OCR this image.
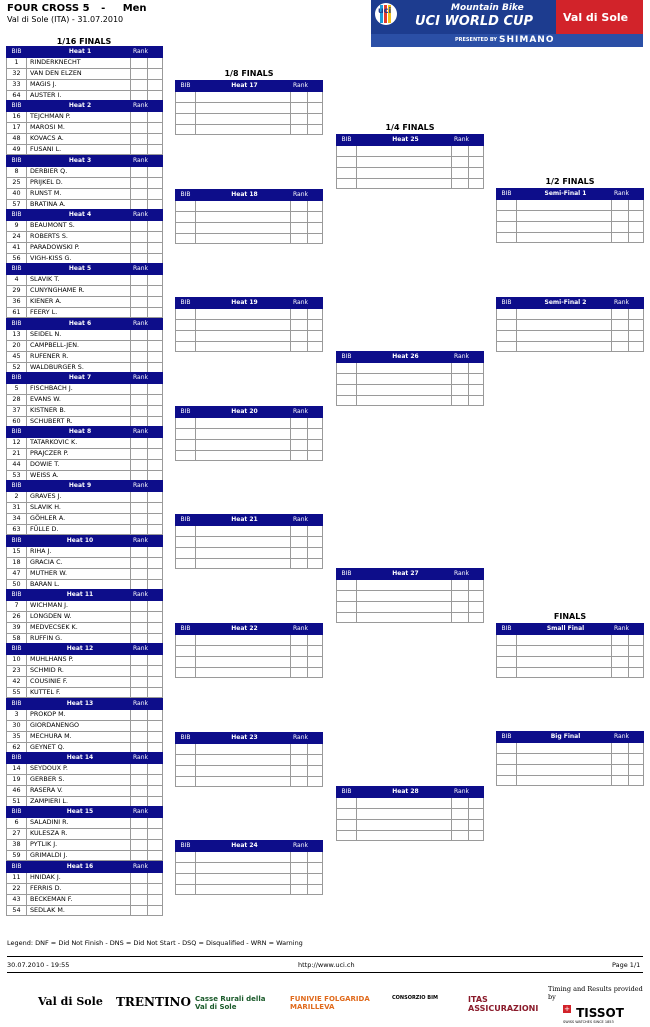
FOUR CROSS 5 - Men
Val di Sole (ITA) - 31.07.2010
uci	Mountain Bike
UCI WORLD CUP	Val di Sole
PRESENTED BY SHIMANO
1/16 FINALS
1/8 FINALS
1/4 FINALS
1/2 FINALS
FINALS
BIB	Heat 1	Rank	
1	RINDERKNECHT		
32	VAN DEN ELZEN		
33	MAGIS J.		
64	AUSTER I.		
BIB	Heat 2	Rank	
16	TEJCHMAN P.		
17	MAROSI M.		
48	KOVACS A.		
49	FUSANI L.		
BIB	Heat 3	Rank	
8	DERBIER Q.		
25	PRIJKEL D.		
40	RUNST M.		
57	BRATINA A.		
BIB	Heat 4	Rank	
9	BEAUMONT S.		
24	ROBERTS S.		
41	PARADOWSKI P.		
56	VIGH-KISS G.		
BIB	Heat 5	Rank	
4	SLAVIK T.		
29	CUNYNGHAME R.		
36	KIENER A.		
61	FEERY L.		
BIB	Heat 6	Rank	
13	SEIDEL N.		
20	CAMPBELL-JEN.		
45	RUFENER R.		
52	WALDBURGER S.		
BIB	Heat 7	Rank	
5	FISCHBACH J.		
28	EVANS W.		
37	KISTNER B.		
60	SCHUBERT R.		
BIB	Heat 8	Rank	
12	TATARKOVIC K.		
21	PRAJCZER P.		
44	DOWIE T.		
53	WEISS A.		
BIB	Heat 9	Rank	
2	GRAVES J.		
31	SLAVIK H.		
34	GÖHLER A.		
63	FÜLLE D.		
BIB	Heat 10	Rank	
15	RIHA J.		
18	GRACIA C.		
47	MUTHER W.		
50	BARAN L.		
BIB	Heat 11	Rank	
7	WICHMAN J.		
26	LONGDEN W.		
39	MEDVECSEK K.		
58	RUFFIN G.		
BIB	Heat 12	Rank	
10	MUHLHANS P.		
23	SCHMID R.		
42	COUSINIE F.		
55	KUTTEL F.		
BIB	Heat 13	Rank	
3	PROKOP M.		
30	GIORDANENGO		
35	MECHURA M.		
62	GEYNET Q.		
BIB	Heat 14	Rank	
14	SEYDOUX P.		
19	GERBER S.		
46	RASERA V.		
51	ZAMPIERI L.		
BIB	Heat 15	Rank	
6	SALADINI R.		
27	KULESZA R.		
38	PYTLIK J.		
59	GRIMALDI J.		
BIB	Heat 16	Rank	
11	HNIDAK J.		
22	FERRIS D.		
43	BECKEMAN F.		
54	SEDLAK M.		
BIB	Heat 17	Rank	

BIB	Heat 18	Rank	

BIB	Heat 19	Rank	

BIB	Heat 20	Rank	

BIB	Heat 21	Rank	

BIB	Heat 22	Rank	

BIB	Heat 23	Rank	

BIB	Heat 24	Rank	

BIB	Heat 25	Rank	

BIB	Heat 26	Rank	

BIB	Heat 27	Rank	

BIB	Heat 28	Rank	

BIB	Semi-Final 1	Rank	

BIB	Semi-Final 2	Rank	

BIB	Small Final	Rank	

BIB	Big Final	Rank	

Legend: DNF = Did Not Finish - DNS = Did Not Start - DSQ = Disqualified - WRN = Warning
30.07.2010 - 19:55	http://www.uci.ch	Page 1/1
Timing and Results provided by
+ TISSOT
SWISS WATCHES SINCE 1853
Val di Sole TRENTINO Casse Rurali della Val di Sole
FUNIVIE FOLGARIDA MARILLEVA
CONSORZIO BIM	ITAS ASSICURAZIONI
